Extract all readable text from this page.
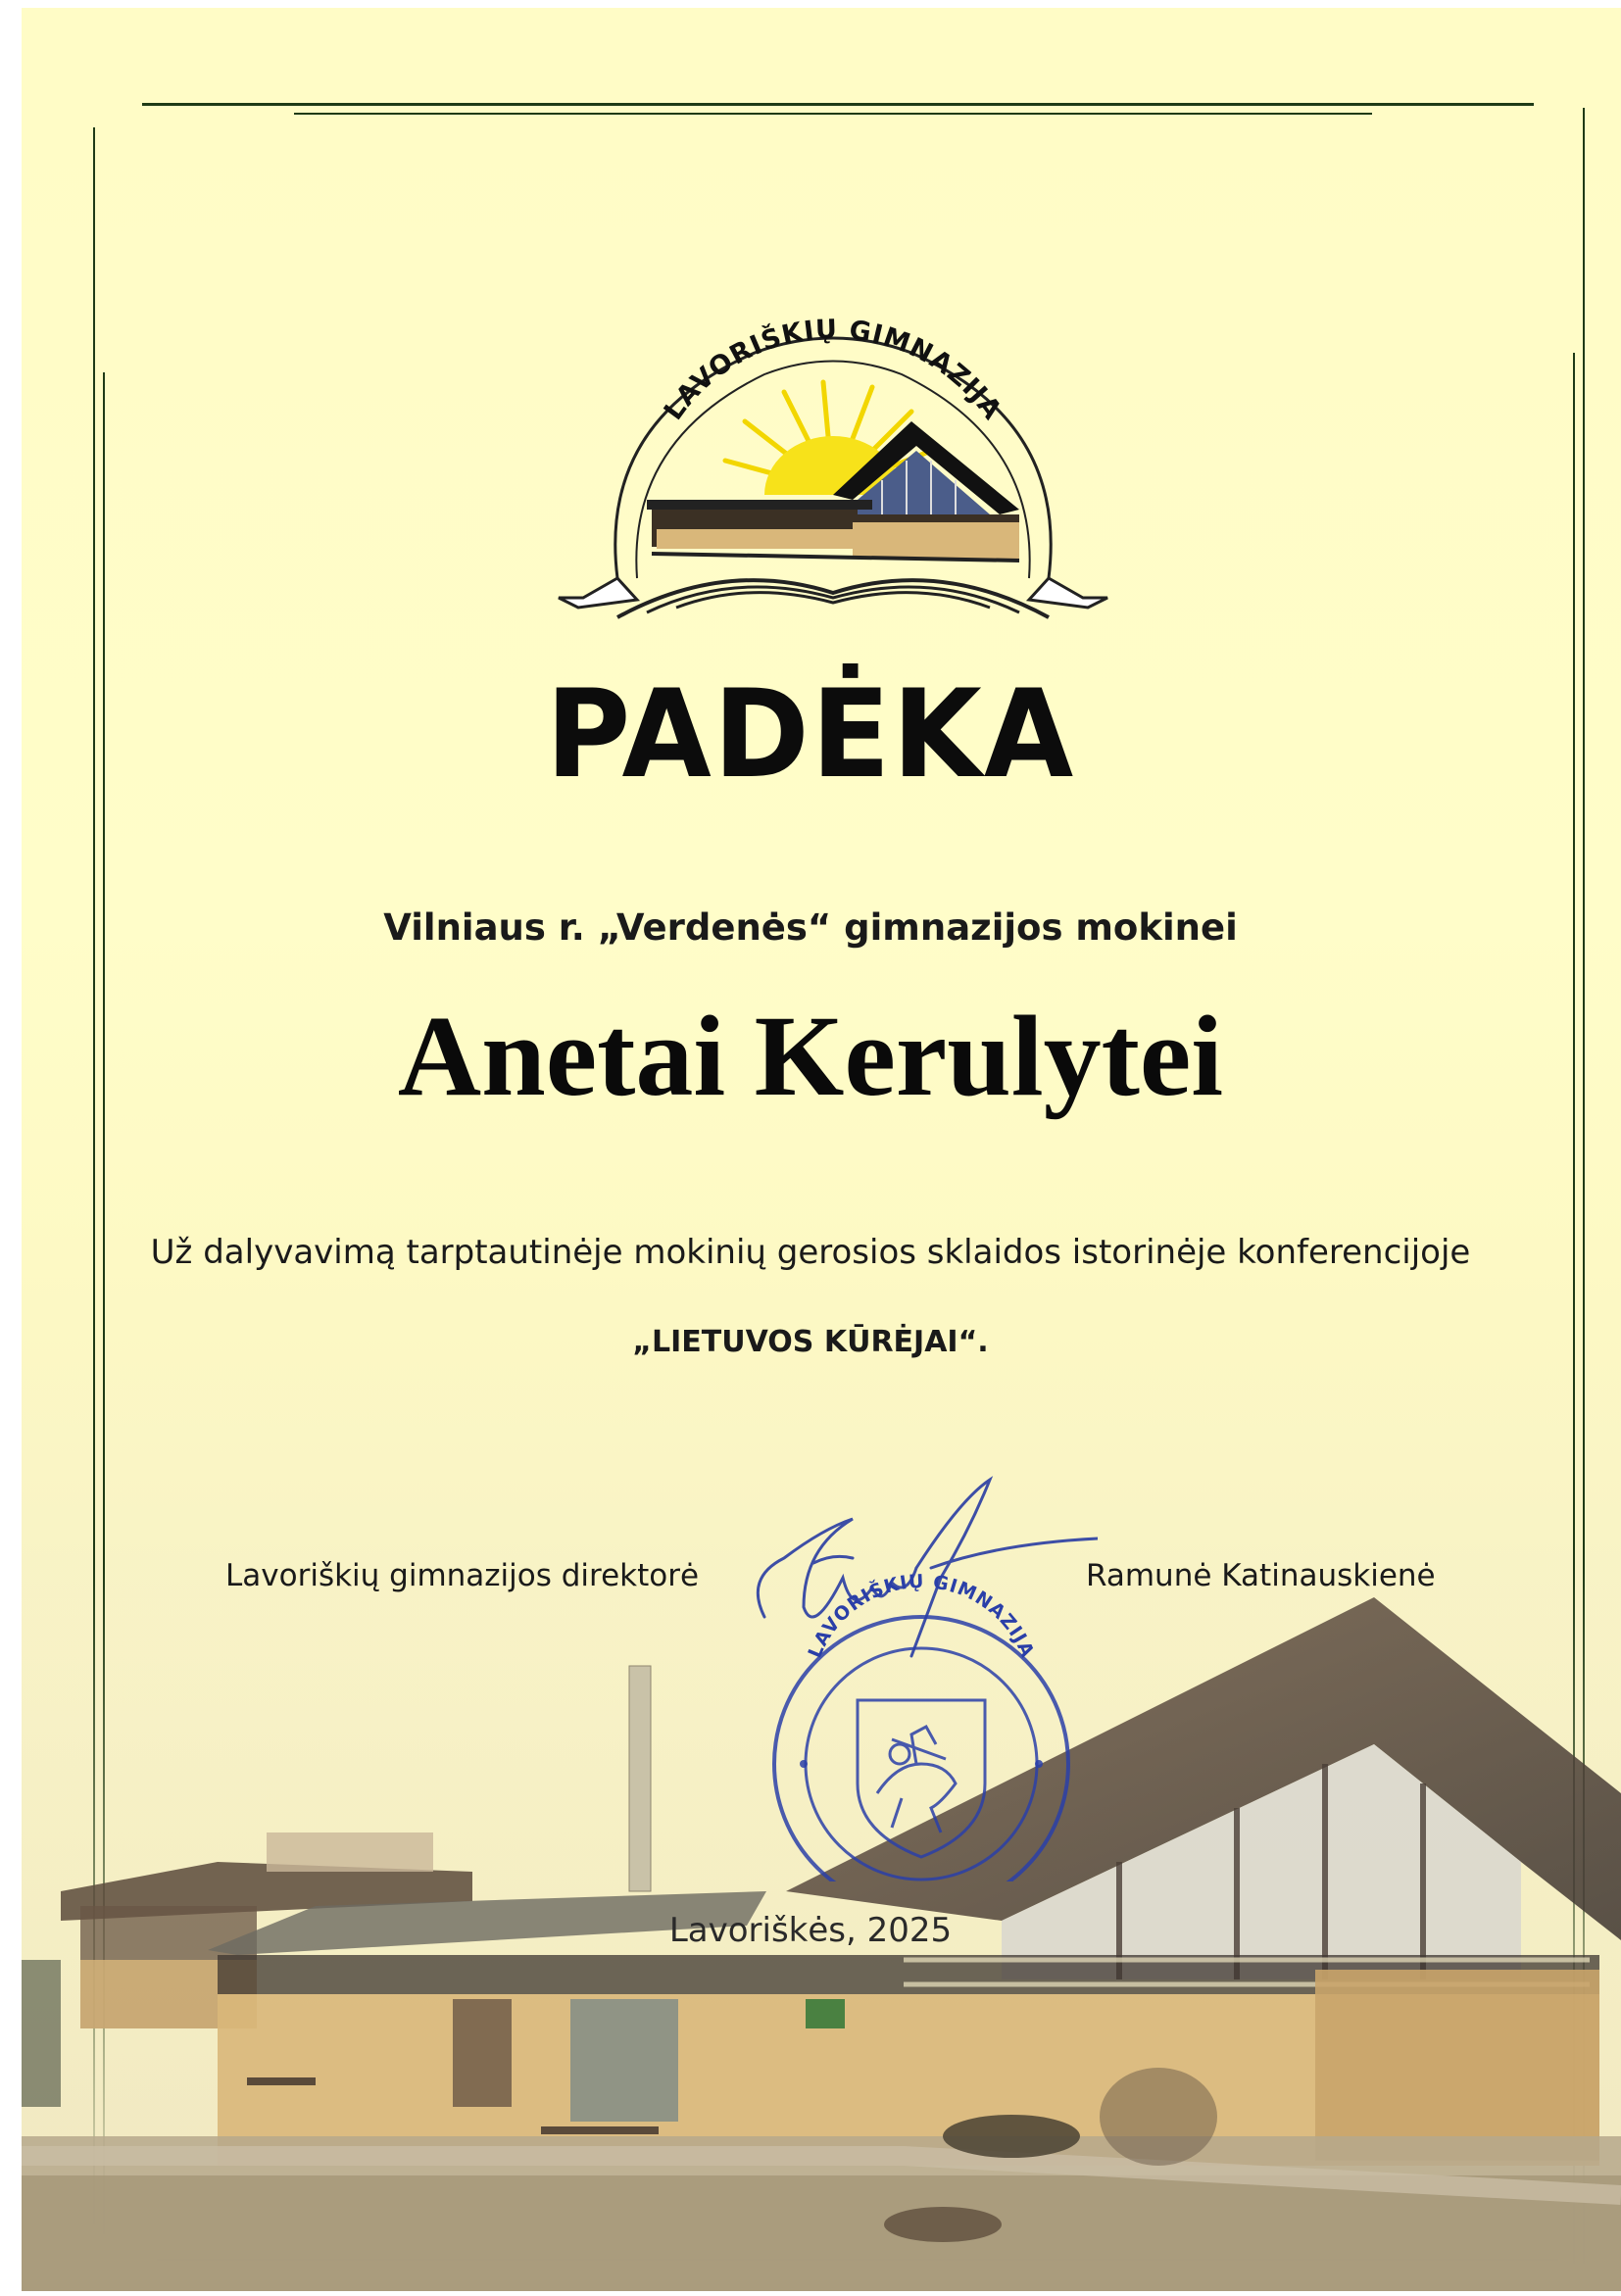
LAVORIŠKIŲ GIMNAZIJA
PADĖKA
Vilniaus r. „Verdenės“ gimnazijos mokinei
Anetai Kerulytei
Už dalyvavimą tarptautinėje mokinių gerosios sklaidos istorinėje konferencijoje
„LIETUVOS KŪRĖJAI“.
Lavoriškių gimnazijos direktorė	Ramunė Katinauskienė
LAVORIŠKIŲ GIMNAZIJA
Lavoriškės, 2025
